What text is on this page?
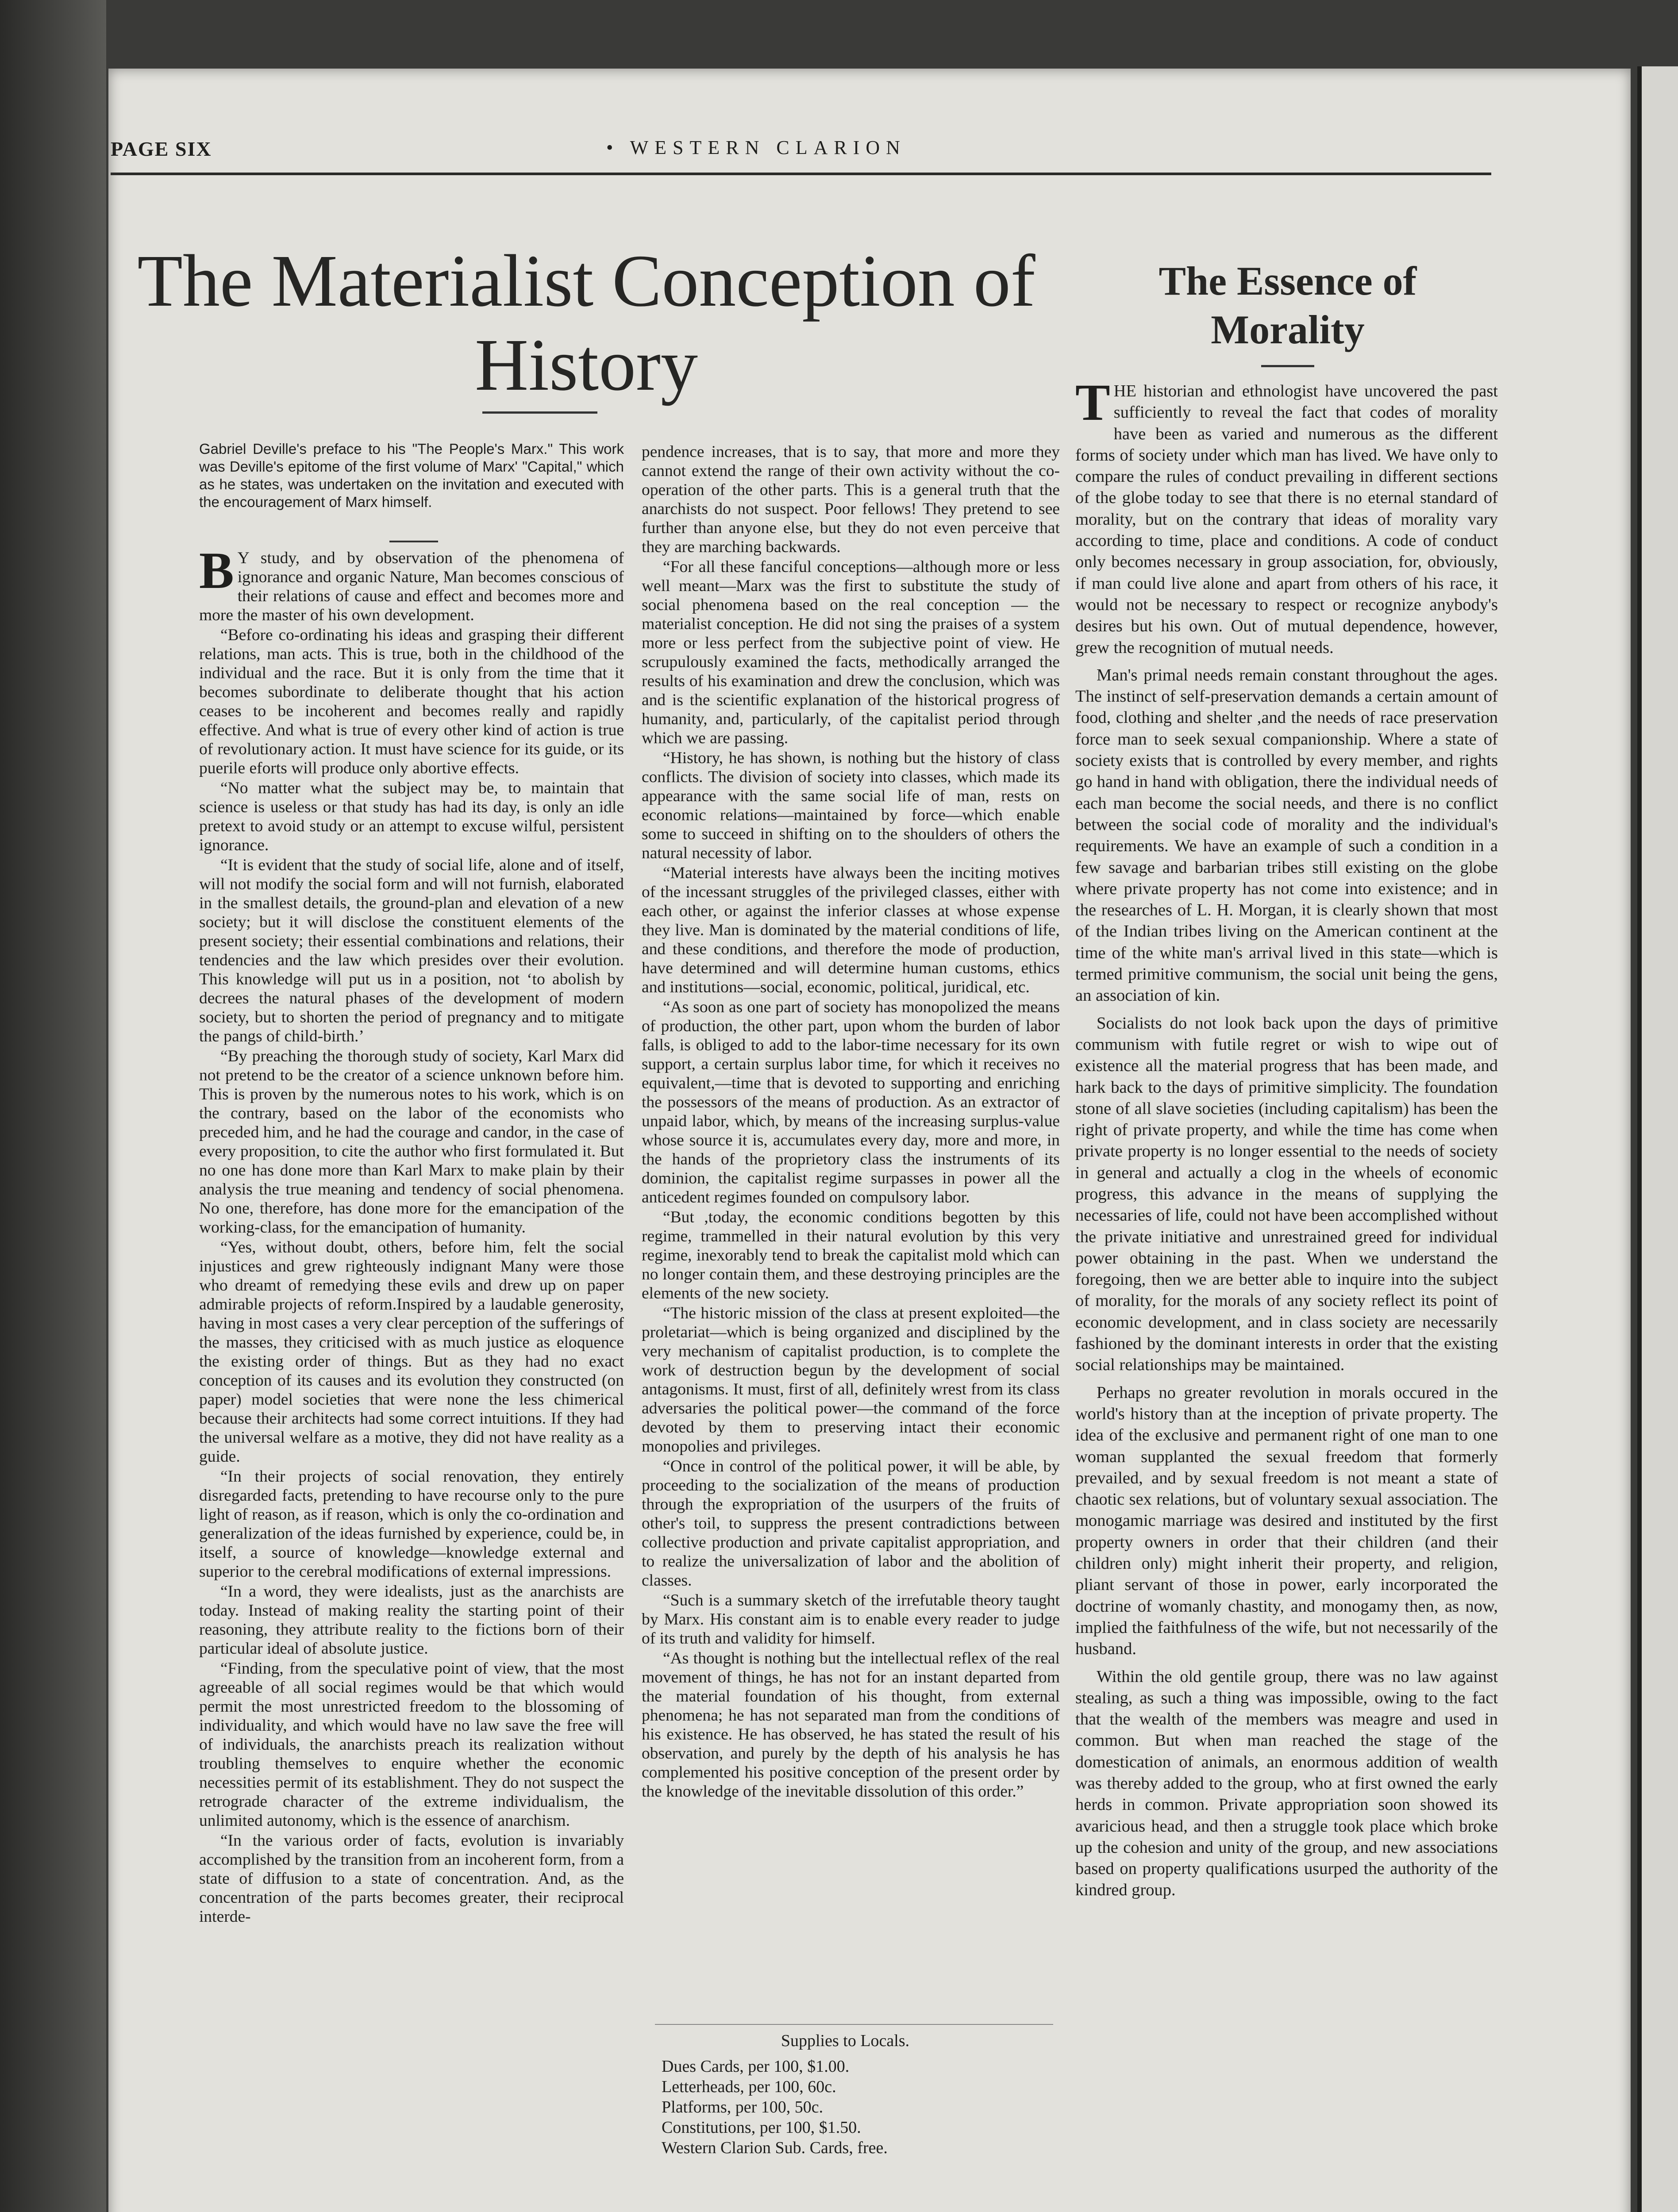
PAGE SIX	• WESTERN CLARION
The Materialist Conception of History
The Essence of Morality
Gabriel Deville's preface to his "The People's Marx." This work was Deville's epitome of the first volume of Marx' "Capital," which as he states, was undertaken on the invitation and executed with the encouragement of Marx himself.

B Y study, and by observation of the phenomena of ignorance and organic Nature, Man becomes conscious of their relations of cause and effect and becomes more and more the master of his own development.

“Before co-ordinating his ideas and grasping their different relations, man acts. This is true, both in the childhood of the individual and the race. But it is only from the time that it becomes subordinate to deliberate thought that his action ceases to be incoherent and becomes really and rapidly effective. And what is true of every other kind of action is true of revolutionary action. It must have science for its guide, or its puerile eforts will produce only abortive effects.

“No matter what the subject may be, to maintain that science is useless or that study has had its day, is only an idle pretext to avoid study or an attempt to excuse wilful, persistent ignorance.

“It is evident that the study of social life, alone and of itself, will not modify the social form and will not furnish, elaborated in the smallest details, the ground-plan and elevation of a new society; but it will disclose the constituent elements of the present society; their essential combinations and relations, their tendencies and the law which presides over their evolution. This knowledge will put us in a position, not ‘to abolish by decrees the natural phases of the development of modern society, but to shorten the period of pregnancy and to mitigate the pangs of child-birth.’

“By preaching the thorough study of society, Karl Marx did not pretend to be the creator of a science unknown before him. This is proven by the numerous notes to his work, which is on the contrary, based on the labor of the economists who preceded him, and he had the courage and candor, in the case of every proposition, to cite the author who first formulated it. But no one has done more than Karl Marx to make plain by their analysis the true meaning and tendency of social phenomena. No one, therefore, has done more for the emancipation of the working-class, for the emancipation of humanity.

“Yes, without doubt, others, before him, felt the social injustices and grew righteously indignant Many were those who dreamt of remedying these evils and drew up on paper admirable projects of reform.Inspired by a laudable generosity, having in most cases a very clear perception of the sufferings of the masses, they criticised with as much justice as eloquence the existing order of things. But as they had no exact conception of its causes and its evolution they constructed (on paper) model societies that were none the less chimerical because their architects had some correct intuitions. If they had the universal welfare as a motive, they did not have reality as a guide.

“In their projects of social renovation, they entirely disregarded facts, pretending to have recourse only to the pure light of reason, as if reason, which is only the co-ordination and generalization of the ideas furnished by experience, could be, in itself, a source of knowledge—knowledge external and superior to the cerebral modifications of external impressions.

“In a word, they were idealists, just as the anarchists are today. Instead of making reality the starting point of their reasoning, they attribute reality to the fictions born of their particular ideal of absolute justice.

“Finding, from the speculative point of view, that the most agreeable of all social regimes would be that which would permit the most unrestricted freedom to the blossoming of individuality, and which would have no law save the free will of individuals, the anarchists preach its realization without troubling themselves to enquire whether the economic necessities permit of its establishment. They do not suspect the retrograde character of the extreme individualism, the unlimited autonomy, which is the essence of anarchism.

“In the various order of facts, evolution is invariably accomplished by the transition from an incoherent form, from a state of diffusion to a state of concentration. And, as the concentration of the parts becomes greater, their reciprocal interde-

pendence increases, that is to say, that more and more they cannot extend the range of their own activity without the co-operation of the other parts. This is a general truth that the anarchists do not suspect. Poor fellows! They pretend to see further than anyone else, but they do not even perceive that they are marching backwards.

“For all these fanciful conceptions—although more or less well meant—Marx was the first to substitute the study of social phenomena based on the real conception — the materialist conception. He did not sing the praises of a system more or less perfect from the subjective point of view. He scrupulously examined the facts, methodically arranged the results of his examination and drew the conclusion, which was and is the scientific explanation of the historical progress of humanity, and, particularly, of the capitalist period through which we are passing.

“History, he has shown, is nothing but the history of class conflicts. The division of society into classes, which made its appearance with the same social life of man, rests on economic relations—maintained by force—which enable some to succeed in shifting on to the shoulders of others the natural necessity of labor.

“Material interests have always been the inciting motives of the incessant struggles of the privileged classes, either with each other, or against the inferior classes at whose expense they live. Man is dominated by the material conditions of life, and these conditions, and therefore the mode of production, have determined and will determine human customs, ethics and institutions—social, economic, political, juridical, etc.

“As soon as one part of society has monopolized the means of production, the other part, upon whom the burden of labor falls, is obliged to add to the labor-time necessary for its own support, a certain surplus labor time, for which it receives no equivalent,—time that is devoted to supporting and enriching the possessors of the means of production. As an extractor of unpaid labor, which, by means of the increasing surplus-value whose source it is, accumulates every day, more and more, in the hands of the proprietory class the instruments of its dominion, the capitalist regime surpasses in power all the anticedent regimes founded on compulsory labor.

“But ,today, the economic conditions begotten by this regime, trammelled in their natural evolution by this very regime, inexorably tend to break the capitalist mold which can no longer contain them, and these destroying principles are the elements of the new society.

“The historic mission of the class at present exploited—the proletariat—which is being organized and disciplined by the very mechanism of capitalist production, is to complete the work of destruction begun by the development of social antagonisms. It must, first of all, definitely wrest from its class adversaries the political power—the command of the force devoted by them to preserving intact their economic monopolies and privileges.

“Once in control of the political power, it will be able, by proceeding to the socialization of the means of production through the expropriation of the usurpers of the fruits of other's toil, to suppress the present contradictions between collective production and private capitalist appropriation, and to realize the universalization of labor and the abolition of classes.

“Such is a summary sketch of the irrefutable theory taught by Marx. His constant aim is to enable every reader to judge of its truth and validity for himself.

“As thought is nothing but the intellectual reflex of the real movement of things, he has not for an instant departed from the material foundation of his thought, from external phenomena; he has not separated man from the conditions of his existence. He has observed, he has stated the result of his observation, and purely by the depth of his analysis he has complemented his positive conception of the present order by the knowledge of the inevitable dissolution of this order.”

Supplies to Locals.
Dues Cards, per 100, $1.00.
Letterheads, per 100, 60c.
Platforms, per 100, 50c.
Constitutions, per 100, $1.50.
Western Clarion Sub. Cards, free.

THE historian and ethnologist have uncovered the past sufficiently to reveal the fact that codes of morality have been as varied and numerous as the different forms of society under which man has lived. We have only to compare the rules of conduct prevailing in different sections of the globe today to see that there is no eternal standard of morality, but on the contrary that ideas of morality vary according to time, place and conditions. A code of conduct only becomes necessary in group association, for, obviously, if man could live alone and apart from others of his race, it would not be necessary to respect or recognize anybody's desires but his own. Out of mutual dependence, however, grew the recognition of mutual needs.

Man's primal needs remain constant throughout the ages. The instinct of self-preservation demands a certain amount of food, clothing and shelter ,and the needs of race preservation force man to seek sexual companionship. Where a state of society exists that is controlled by every member, and rights go hand in hand with obligation, there the individual needs of each man become the social needs, and there is no conflict between the social code of morality and the individual's requirements. We have an example of such a condition in a few savage and barbarian tribes still existing on the globe where private property has not come into existence; and in the researches of L. H. Morgan, it is clearly shown that most of the Indian tribes living on the American continent at the time of the white man's arrival lived in this state—which is termed primitive communism, the social unit being the gens, an association of kin.

Socialists do not look back upon the days of primitive communism with futile regret or wish to wipe out of existence all the material progress that has been made, and hark back to the days of primitive simplicity. The foundation stone of all slave societies (including capitalism) has been the right of private property, and while the time has come when private property is no longer essential to the needs of society in general and actually a clog in the wheels of economic progress, this advance in the means of supplying the necessaries of life, could not have been accomplished without the private initiative and unrestrained greed for individual power obtaining in the past. When we understand the foregoing, then we are better able to inquire into the subject of morality, for the morals of any society reflect its point of economic development, and in class society are necessarily fashioned by the dominant interests in order that the existing social relationships may be maintained.

Perhaps no greater revolution in morals occured in the world's history than at the inception of private property. The idea of the exclusive and permanent right of one man to one woman supplanted the sexual freedom that formerly prevailed, and by sexual freedom is not meant a state of chaotic sex relations, but of voluntary sexual association. The monogamic marriage was desired and instituted by the first property owners in order that their children (and their children only) might inherit their property, and religion, pliant servant of those in power, early incorporated the doctrine of womanly chastity, and monogamy then, as now, implied the faithfulness of the wife, but not necessarily of the husband.

Within the old gentile group, there was no law against stealing, as such a thing was impossible, owing to the fact that the wealth of the members was meagre and used in common. But when man reached the stage of the domestication of animals, an enormous addition of wealth was thereby added to the group, who at first owned the early herds in common. Private appropriation soon showed its avaricious head, and then a struggle took place which broke up the cohesion and unity of the group, and new associations based on property qualifications usurped the authority of the kindred group.
